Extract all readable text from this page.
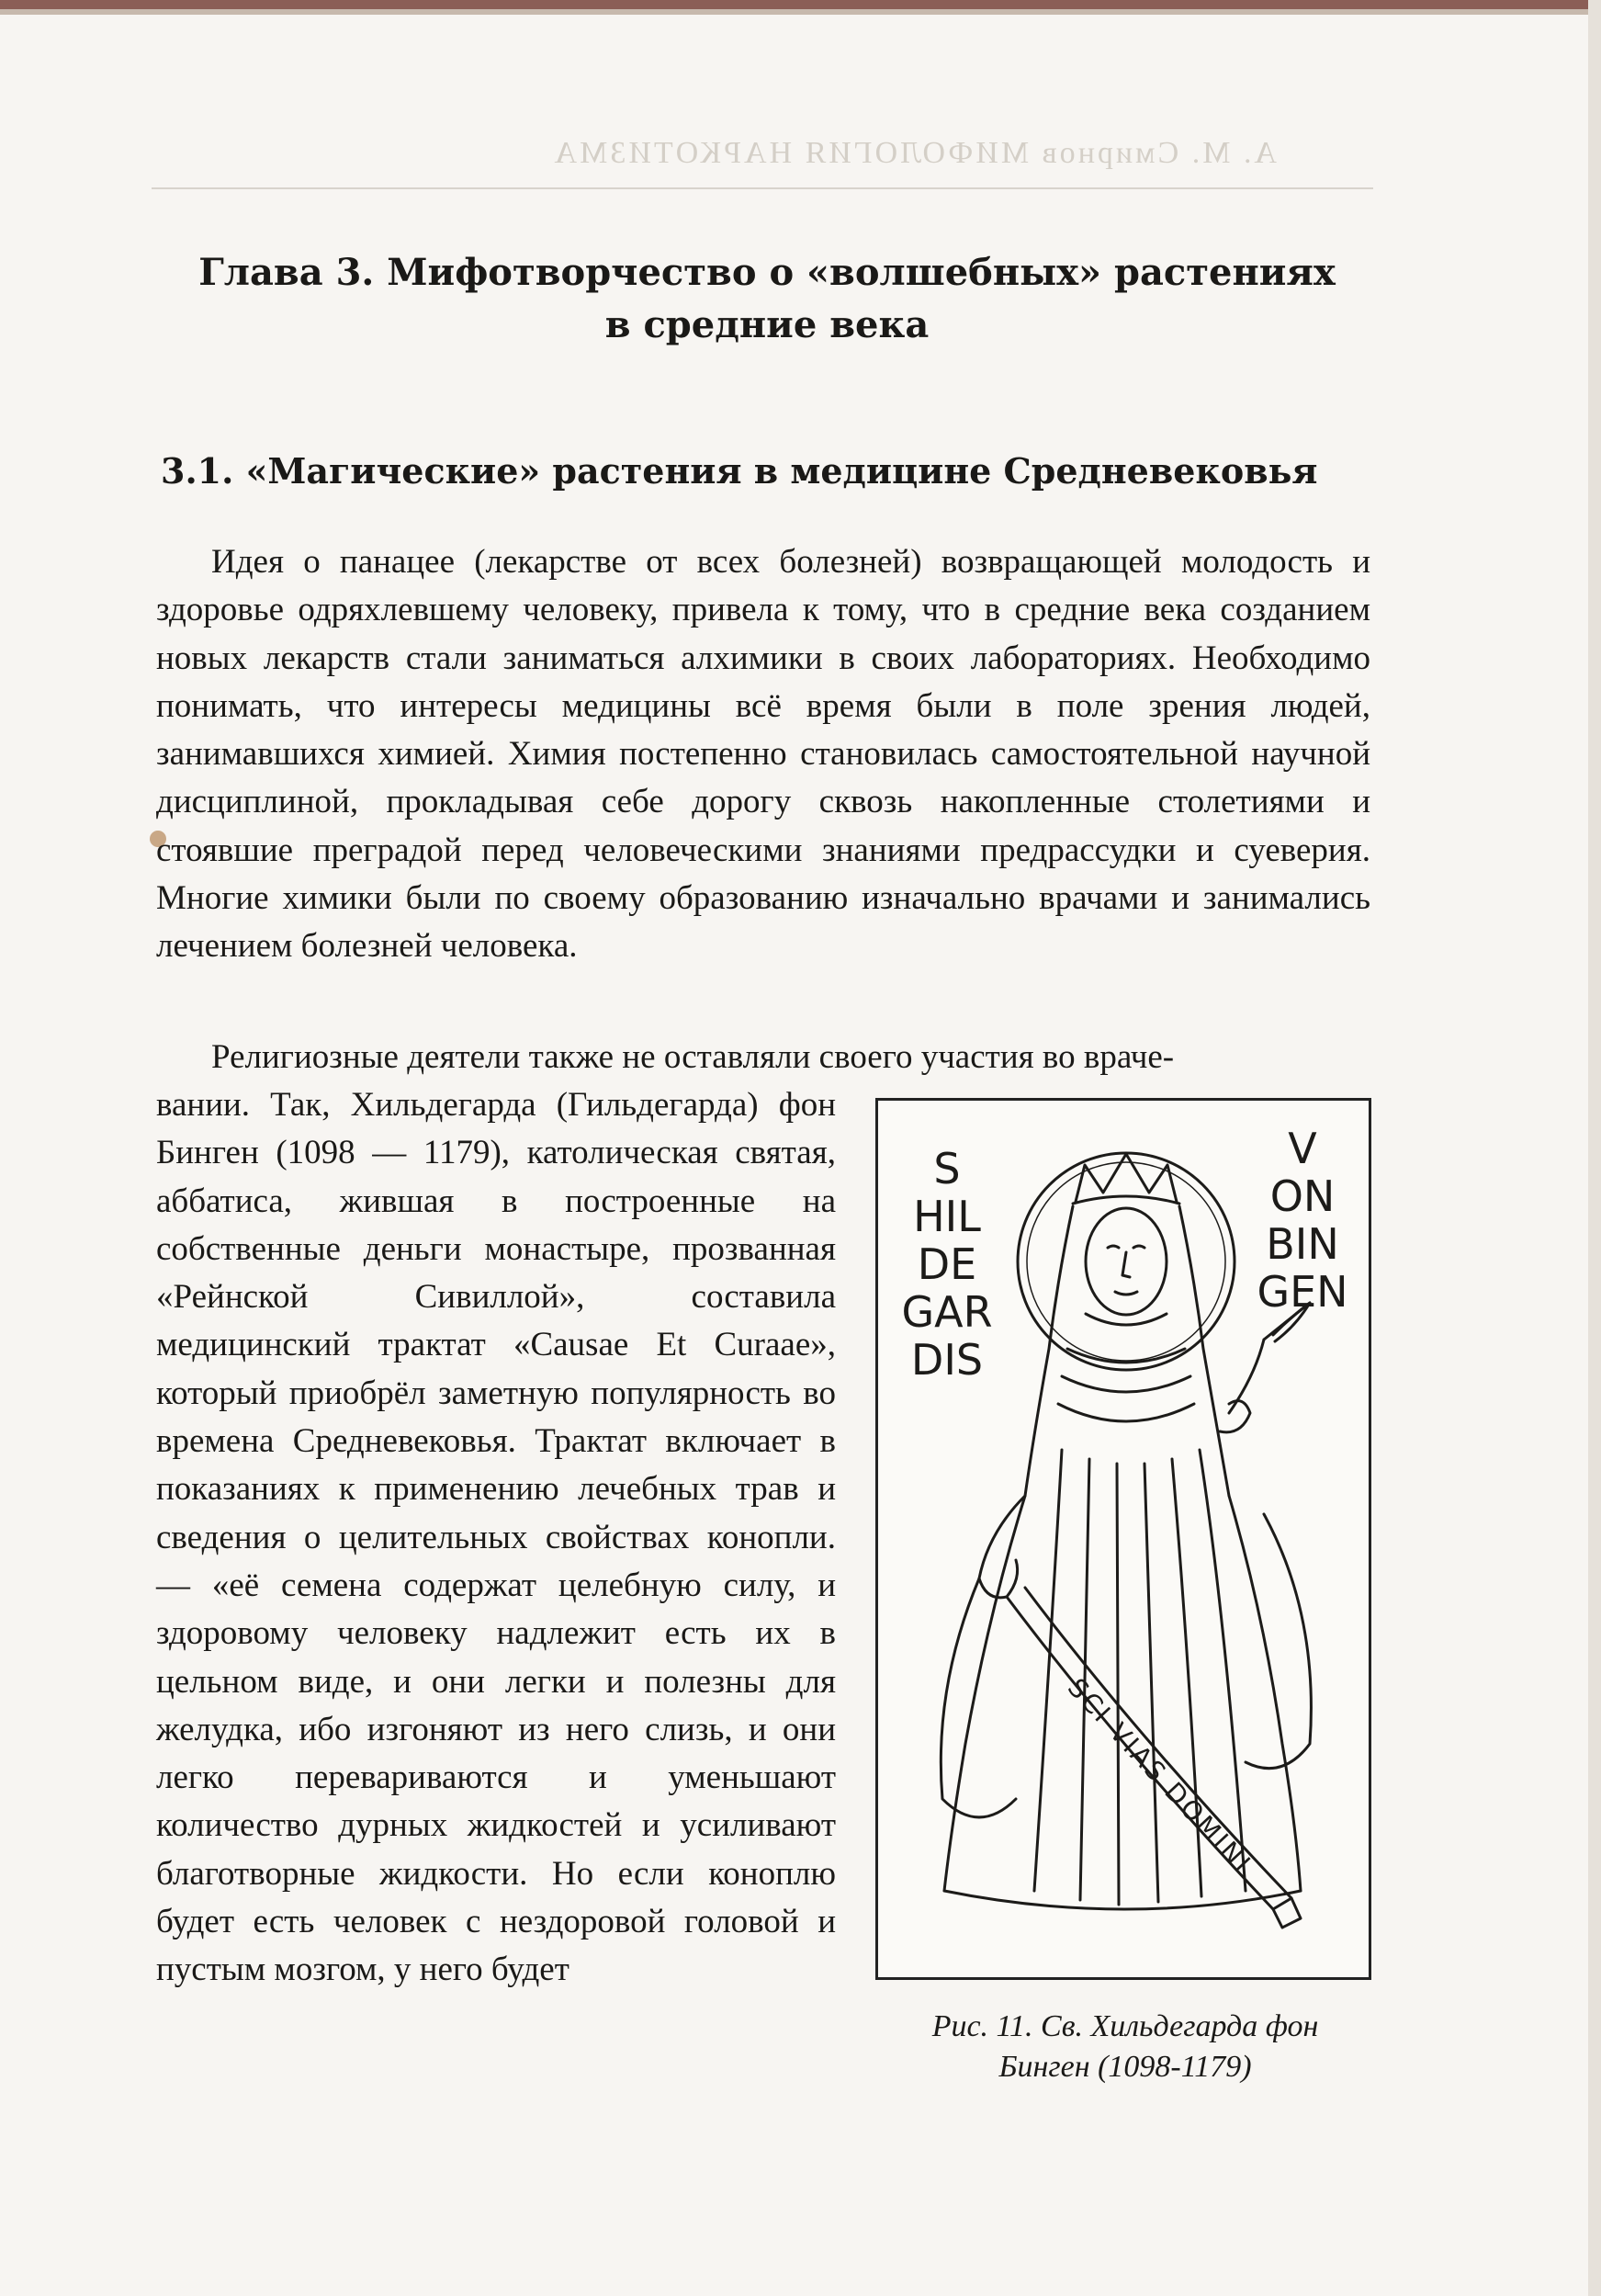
А. М. Смирнов МИФОЛОГИЯ НАРКОТИЗМА
Глава 3. Мифотворчество о «волшебных» растениях
в средние века
3.1. «Магические» растения в медицине Средневековья
Идея о панацее (лекарстве от всех болезней) возвращающей молодость и здоровье одряхлевшему человеку, привела к тому, что в средние века созданием новых лекарств стали заниматься алхимики в своих лабораториях. Необходимо понимать, что интересы медицины всё время были в поле зрения людей, занимавшихся химией. Химия постепенно становилась самостоятельной научной дисциплиной, прокладывая себе дорогу сквозь накопленные столетиями и стоявшие преградой перед человеческими знаниями предрассудки и суеверия. Многие химики были по своему образованию изначально врачами и занимались лечением болезней человека.
Религиозные деятели также не оставляли своего участия во враче-
вании. Так, Хильдегарда (Гильдегарда) фон Бинген (1098 — 1179), католическая святая, аббатиса, жившая в построенные на собственные деньги монастыре, прозванная «Рейнской Сивиллой», составила медицинский трактат «Causae Et Curaae», который приобрёл заметную популярность во времена Средневековья. Трактат включает в показаниях к применению лечебных трав и сведения о целительных свойствах конопли. — «её семена содержат целебную силу, и здоровому человеку надлежит есть их в цельном виде, и они легки и полезны для желудка, ибо изгоняют из него слизь, и они легко перевариваются и уменьшают количество дурных жидкостей и усиливают благотворные жидкости. Но если коноплю будет есть человек с нездоровой головой и пустым мозгом, у него будет
SCI VIAS DOMINI
S
HIL
DE
GAR
DIS
V
ON
BIN
GEN
Рис. 11. Св. Хильдегарда фон
Бинген (1098-1179)
